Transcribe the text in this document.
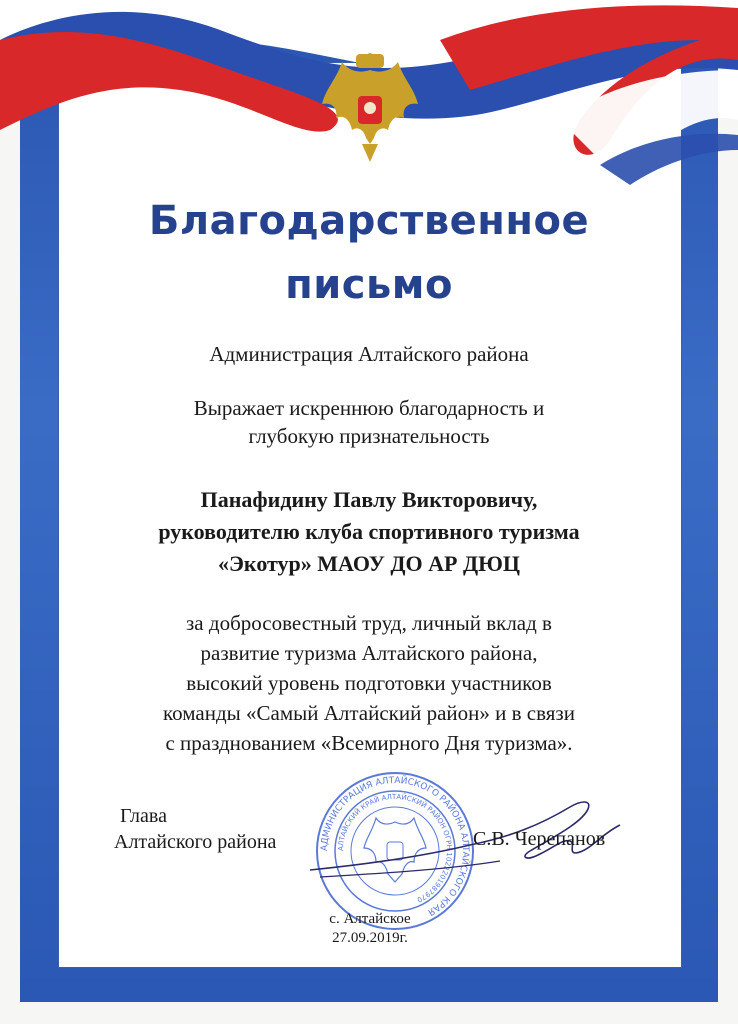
Благодарственное
письмо

Администрация Алтайского района

Выражает искреннюю благодарность и

глубокую признательность

Панафидину Павлу Викторовичу,

руководителю клуба спортивного туризма

«Экотур» МАОУ ДО АР ДЮЦ

за добросовестный труд, личный вклад в

развитие туризма Алтайского района,

высокий уровень подготовки участников

команды «Самый Алтайский район» и в связи

с празднованием «Всемирного Дня туризма».

АДМИНИСТРАЦИЯ АЛТАЙСКОГО РАЙОНА АЛТАЙСКОГО КРАЯ
АЛТАЙСКИЙ КРАЙ АЛТАЙСКИЙ РАЙОН ОГРН 1022201987970
Глава
Алтайского района	С.В. Черепанов
с. Алтайское
27.09.2019г.
